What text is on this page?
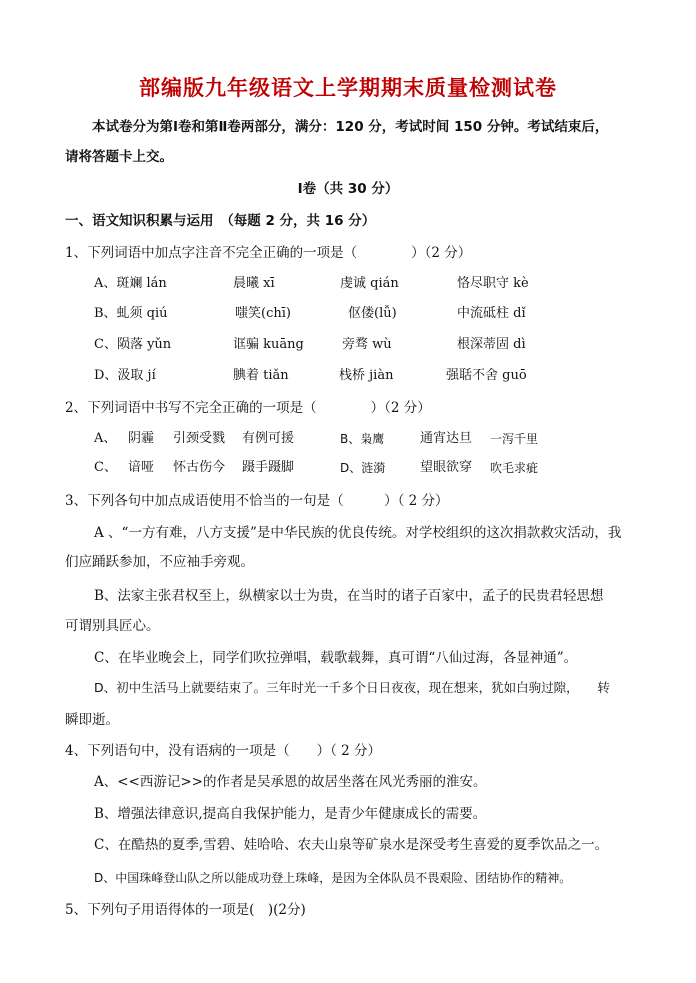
部编版九年级语文上学期期末质量检测试卷
本试卷分为第Ⅰ卷和第Ⅱ卷两部分，满分：120 分，考试时间 150 分钟。考试结束后，
请将答题卡上交。
Ⅰ卷（共 30 分）
一、语文知识积累与运用　（每题 2 分，共 16 分）
1、下列词语中加点字注音不完全正确的一项是（　　　　）（2 分）
A、斑斓 lán	晨曦 xī	虔诚 qián	恪尽职守 kè
B、虬须 qiú	嗤笑(chī)	伛偻(lǚ)	中流砥柱 dǐ
C、陨落 yǔn	诓骗 kuāng	旁骛 wù	根深蒂固 dì
D、汲取 jí	腆着 tiǎn	栈桥 jiàn	强聒不舍 guō
2、下列词语中书写不完全正确的一项是（　　　　）（2 分）
A、 阴霾 引颈受戮 有例可援	B、枭鹰	通宵达旦 一泻千里
C、 谙哑 怀古伤今 蹑手蹑脚	D、涟漪	望眼欲穿 吹毛求疵
3、下列各句中加点成语使用不恰当的一句是（　　　）（ 2 分）
A 、“一方有难，八方支援”是中华民族的优良传统。对学校组织的这次捐款救灾活动，我
们应踊跃参加，不应袖手旁观。
B、法家主张君权至上，纵横家以士为贵，在当时的诸子百家中，孟子的民贵君轻思想
可谓别具匠心。
C、在毕业晚会上，同学们吹拉弹唱，载歌载舞，真可谓“八仙过海，各显神通”。
D、初中生活马上就要结束了。三年时光一千多个日日夜夜，现在想来，犹如白驹过隙，　　转
瞬即逝。
4、下列语句中，没有语病的一项是（　　）（ 2 分）
A、<<西游记>>的作者是吴承恩的故居坐落在风光秀丽的淮安。
B、增强法律意识,提高自我保护能力，是青少年健康成长的需要。
C、在酷热的夏季,雪碧、娃哈哈、农夫山泉等矿泉水是深受考生喜爱的夏季饮品之一。
D、中国珠峰登山队之所以能成功登上珠峰，是因为全体队员不畏艰险、团结协作的精神。
5、下列句子用语得体的一项是(　)(2分)
